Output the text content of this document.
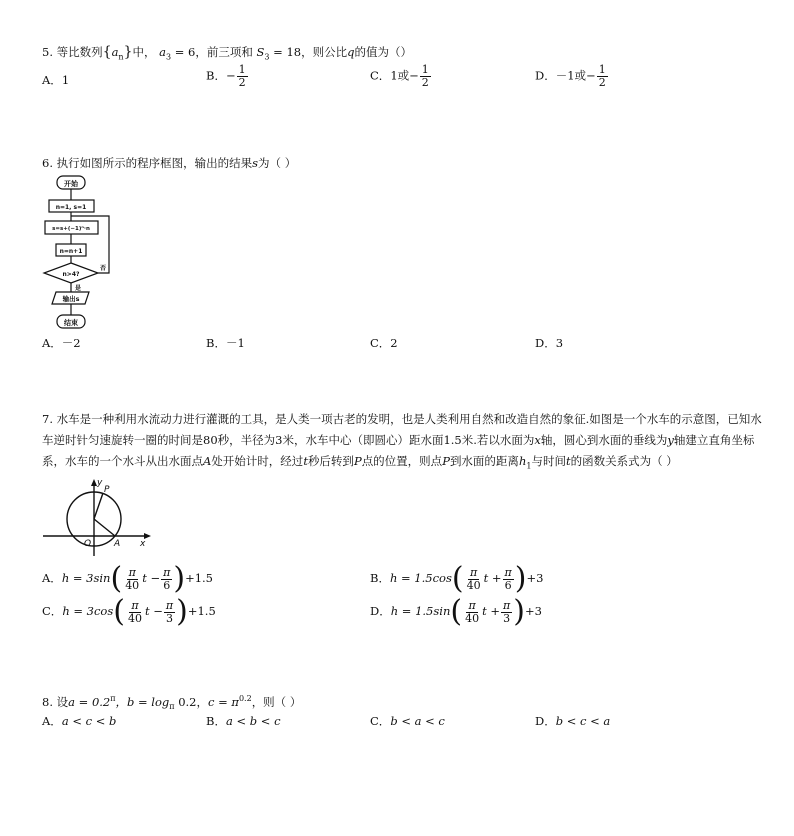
5. 等比数列$\{a_n\}$中， $a_3 = 6$，前三项和 $S_3 = 18$，则公比q的值为（）
A．1	B．− $\frac{1}{2}$	C．1或− $\frac{1}{2}$	D．－1或− $\frac{1}{2}$
6. 执行如图所示的程序框图，输出的结果s为（ ）
开始
n=1, s=1
s=s+(−1)ⁿ·n
n=n+1
n>4?
否
是
输出s
结束
A．－2	B．－1	C．2	D．3
7. 水车是一种利用水流动力进行灌溉的工具，是人类一项古老的发明，也是人类利用自然和改造自然的象征.如图是一个水车的示意图，已知水
车逆时针匀速旋转一圈的时间是80秒，半径为3米，水车中心（即圆心）距水面1.5米.若以水面为x轴，圆心到水面的垂线为y轴建立直角坐标
系，水车的一个水斗从出水面点A处开始计时，经过t秒后转到P点的位置，则点P到水面的距离$h_1$与时间t的函数关系式为（ ）
y
P
O	A x
A．$h = 3\sin( \frac{\pi}{40}$ $t - \frac{\pi}{6} )+1.5$	B．$h = 1.5\cos( \frac{\pi}{40}$ $t + \frac{\pi}{6} )+3$
C．$h = 3\cos( \frac{\pi}{40}$ $t - \frac{\pi}{3} )+1.5$	D．$h = 1.5\sin( \frac{\pi}{40}$ $t + \frac{\pi}{3} )+3$
8. 设$a = 0.2^\pi$，$b = \log_\pi 0.2$，$c = \pi^{0.2}$，则（ ）
A．a < c < b	B．a < b < c	C．b < a < c	D．b < c < a
